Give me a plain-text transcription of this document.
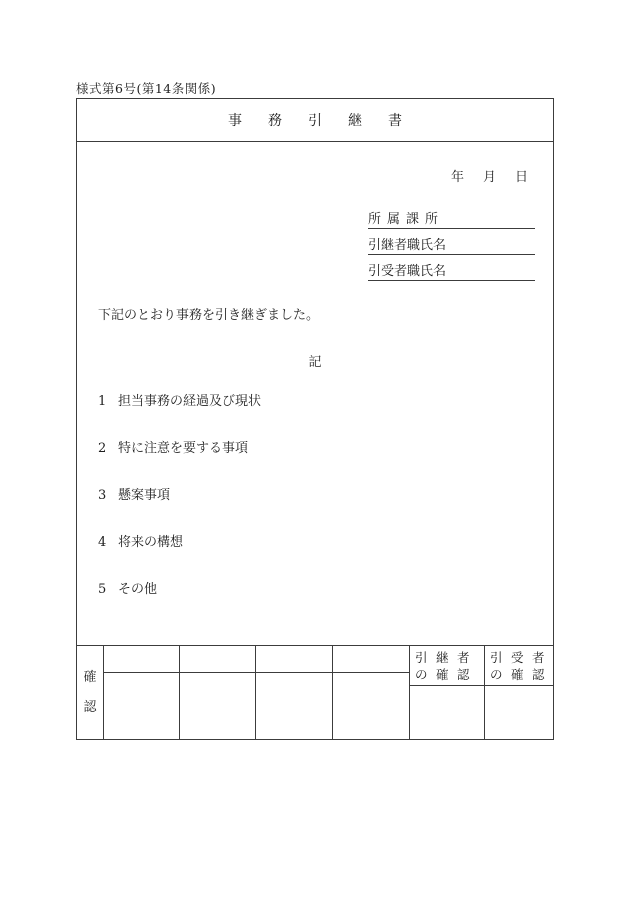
様式第6号(第14条関係)
事務引継書
年月日
所属課所
引継者職氏名
引受者職氏名
下記のとおり事務を引き継ぎました。
記
1 担当事務の経過及び現状
2 特に注意を要する事項
3 懸案事項
4 将来の構想
5 その他
確認
引継者
の確認
引受者
の確認
